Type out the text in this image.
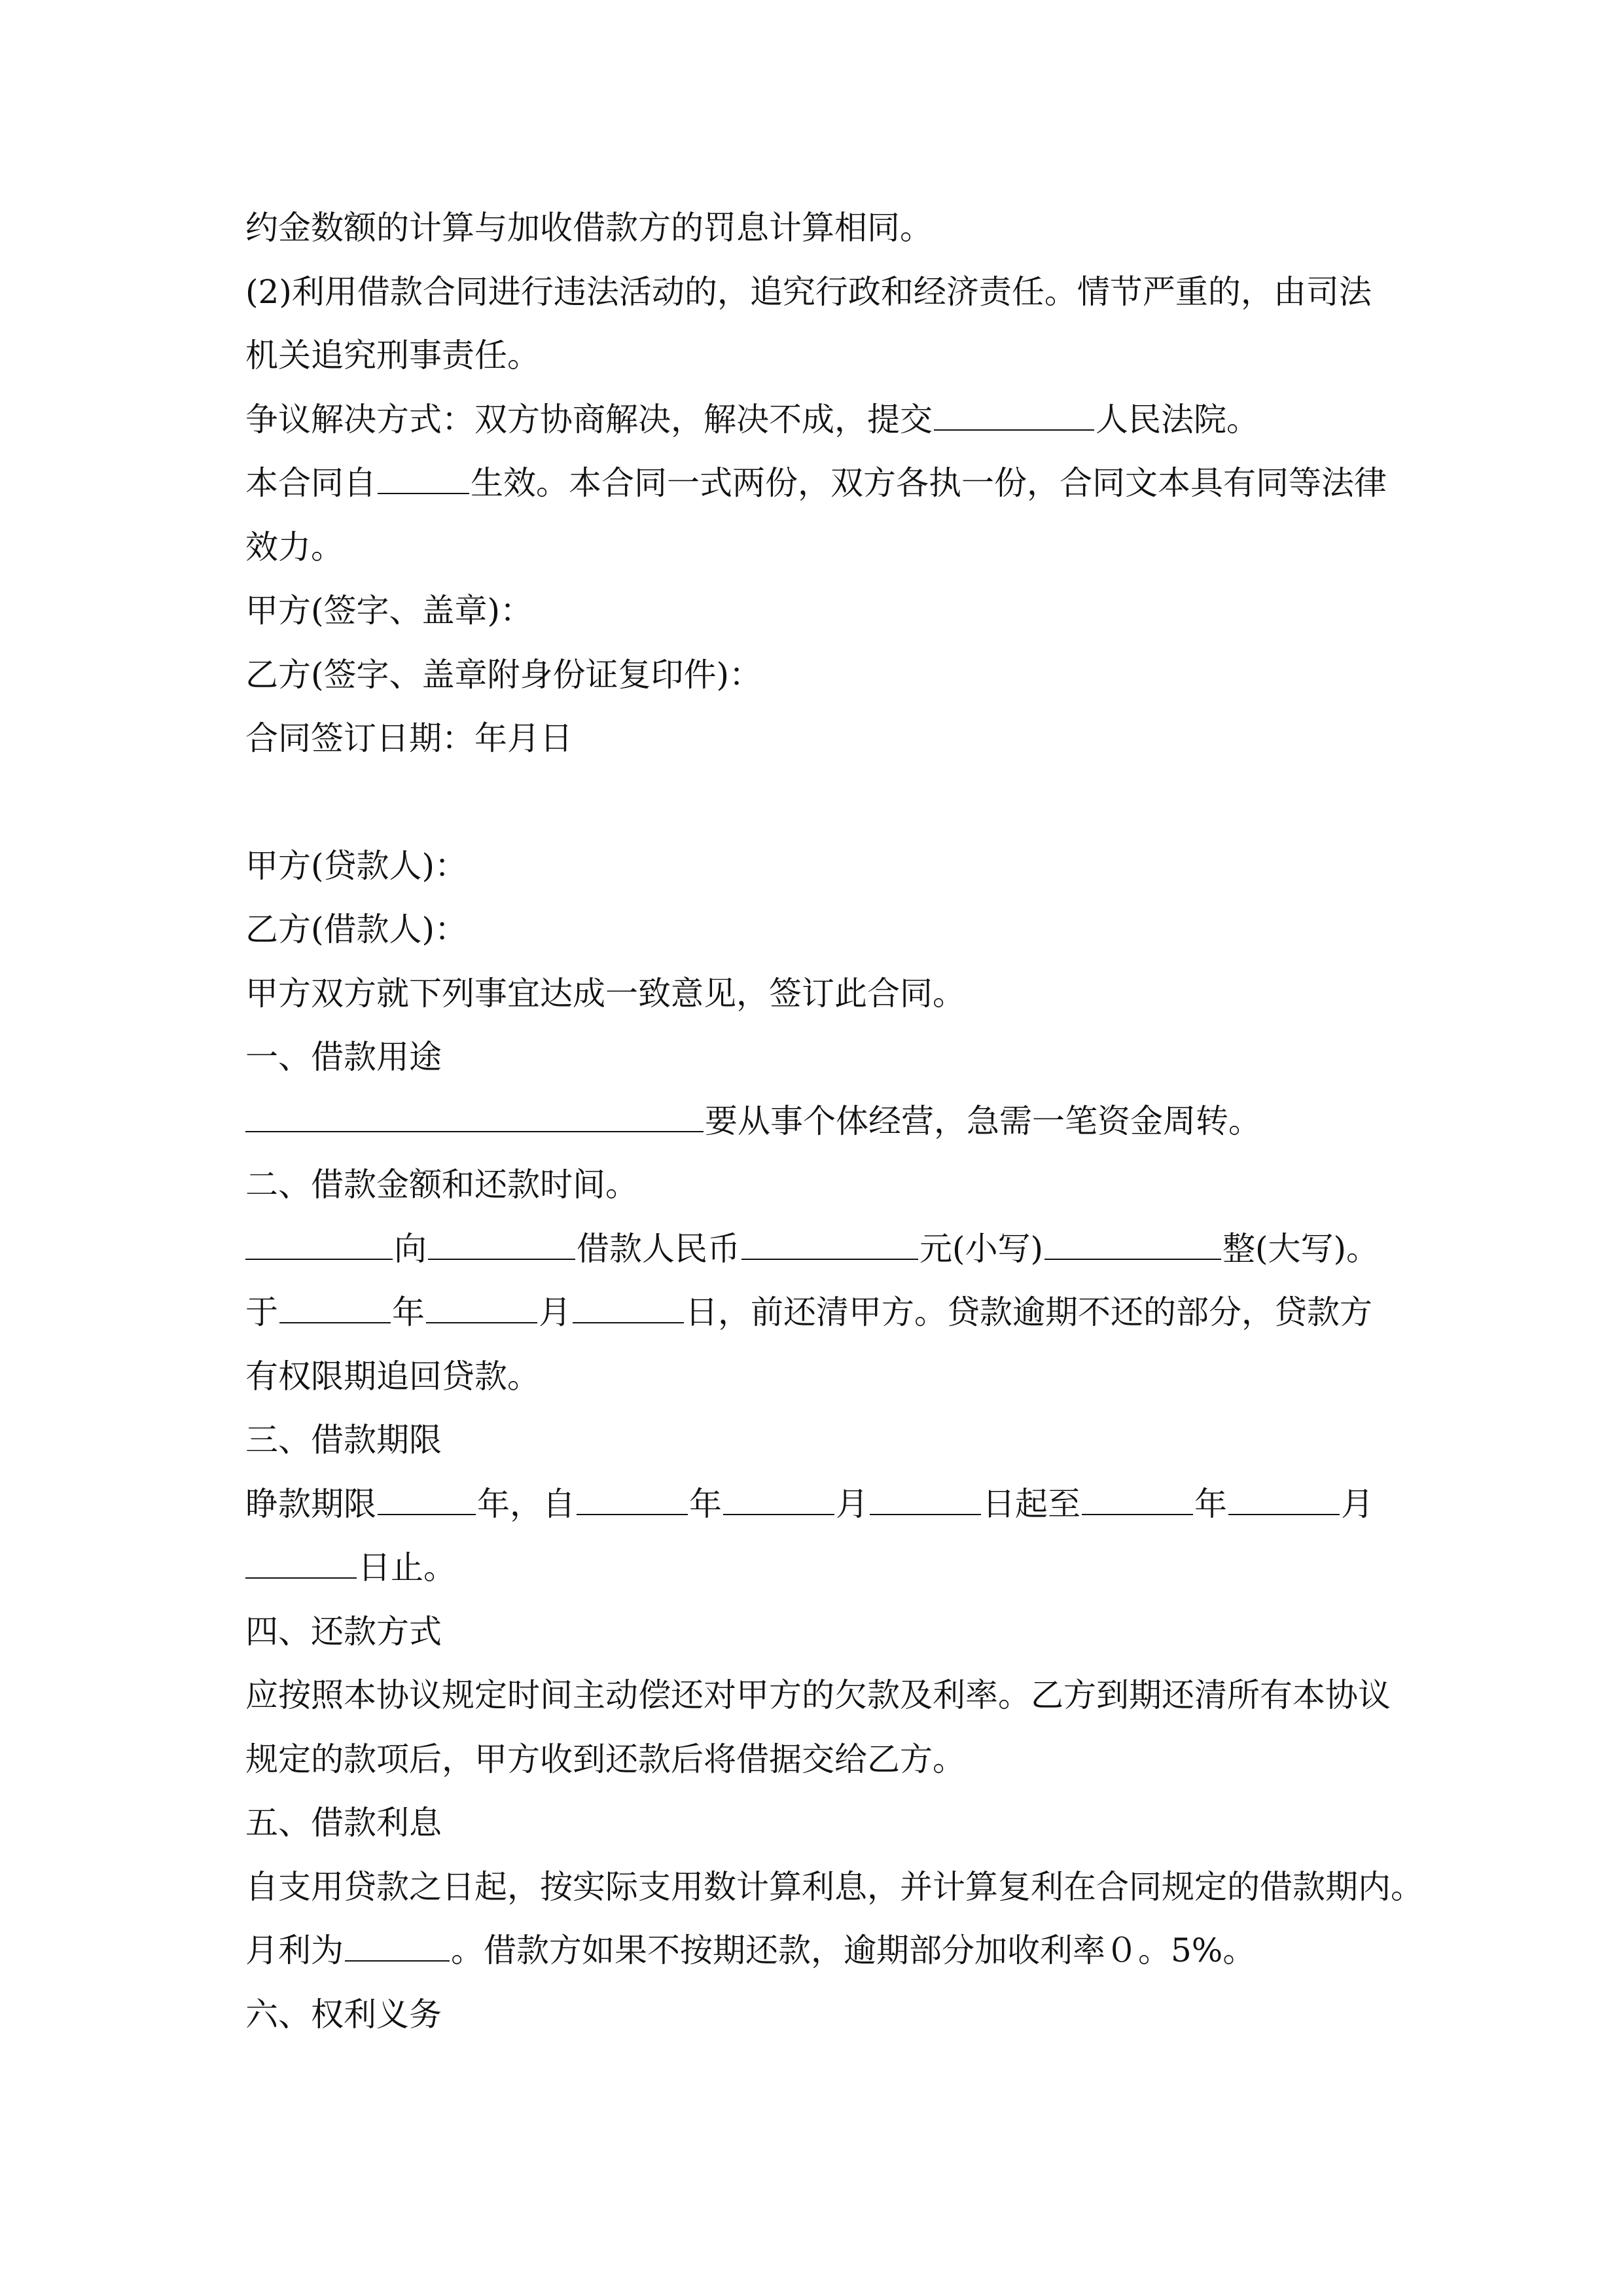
约金数额的计算与加收借款方的罚息计算相同。
(2)利用借款合同进行违法活动的，追究行政和经济责任。情节严重的，由司法
机关追究刑事责任。
争议解决方式：双方协商解决，解决不成，提交	人民法院。
本合同自	生效。本合同一式两份，双方各执一份，合同文本具有同等法律
效力。
甲方(签字、盖章)：
乙方(签字、盖章附身份证复印件)：
合同签订日期：年月日
甲方(贷款人)：
乙方(借款人)：
甲方双方就下列事宜达成一致意见，签订此合同。
一、借款用途
要从事个体经营，急需一笔资金周转。
二、借款金额和还款时间。
向	借款人民币	元(小写)	整(大写)。
于	年	月	日，前还清甲方。贷款逾期不还的部分，贷款方
有权限期追回贷款。
三、借款期限
睁款期限	年，自	年	月	日起至	年	月
日止。
四、还款方式
应按照本协议规定时间主动偿还对甲方的欠款及利率。乙方到期还清所有本协议
规定的款项后，甲方收到还款后将借据交给乙方。
五、借款利息
自支用贷款之日起，按实际支用数计算利息，并计算复利在合同规定的借款期内。
月利为	。借款方如果不按期还款，逾期部分加收利率０。5%。
六、权利义务
